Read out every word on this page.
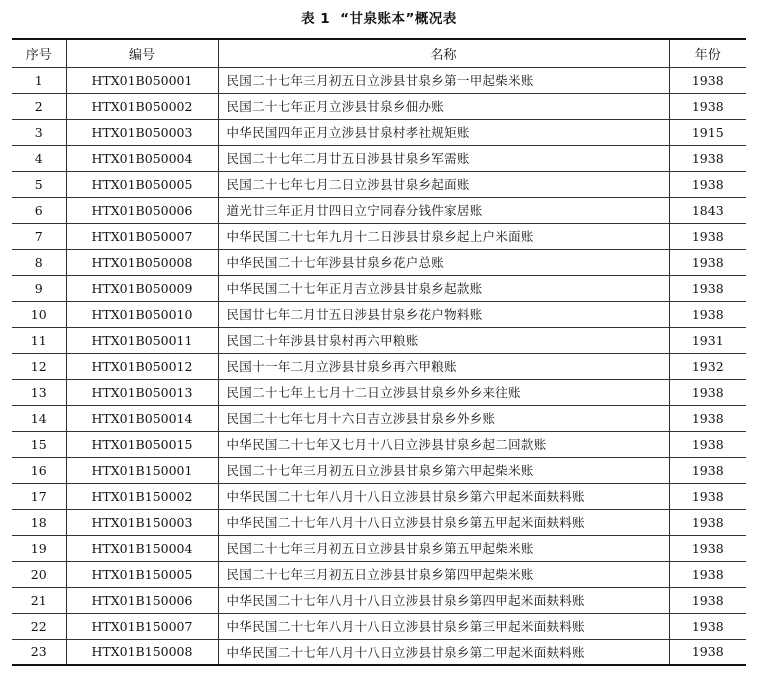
表 1 “甘泉账本”概况表
序号	编号	名称	年份
1	HTX01B050001	民国二十七年三月初五日立涉县甘泉乡第一甲起柴米账	1938
2	HTX01B050002	民国二十七年正月立涉县甘泉乡佃办账	1938
3	HTX01B050003	中华民国四年正月立涉县甘泉村孝社规矩账	1915
4	HTX01B050004	民国二十七年二月廿五日涉县甘泉乡军需账	1938
5	HTX01B050005	民国二十七年七月二日立涉县甘泉乡起面账	1938
6	HTX01B050006	道光廿三年正月廿四日立宁同春分钱件家居账	1843
7	HTX01B050007	中华民国二十七年九月十二日涉县甘泉乡起上户米面账	1938
8	HTX01B050008	中华民国二十七年涉县甘泉乡花户总账	1938
9	HTX01B050009	中华民国二十七年正月吉立涉县甘泉乡起款账	1938
10	HTX01B050010	民国廿七年二月廿五日涉县甘泉乡花户物料账	1938
11	HTX01B050011	民国二十年涉县甘泉村再六甲粮账	1931
12	HTX01B050012	民国十一年二月立涉县甘泉乡再六甲粮账	1932
13	HTX01B050013	民国二十七年上七月十二日立涉县甘泉乡外乡来往账	1938
14	HTX01B050014	民国二十七年七月十六日吉立涉县甘泉乡外乡账	1938
15	HTX01B050015	中华民国二十七年又七月十八日立涉县甘泉乡起二回款账	1938
16	HTX01B150001	民国二十七年三月初五日立涉县甘泉乡第六甲起柴米账	1938
17	HTX01B150002	中华民国二十七年八月十八日立涉县甘泉乡第六甲起米面麸料账	1938
18	HTX01B150003	中华民国二十七年八月十八日立涉县甘泉乡第五甲起米面麸料账	1938
19	HTX01B150004	民国二十七年三月初五日立涉县甘泉乡第五甲起柴米账	1938
20	HTX01B150005	民国二十七年三月初五日立涉县甘泉乡第四甲起柴米账	1938
21	HTX01B150006	中华民国二十七年八月十八日立涉县甘泉乡第四甲起米面麸料账	1938
22	HTX01B150007	中华民国二十七年八月十八日立涉县甘泉乡第三甲起米面麸料账	1938
23	HTX01B150008	中华民国二十七年八月十八日立涉县甘泉乡第二甲起米面麸料账	1938
